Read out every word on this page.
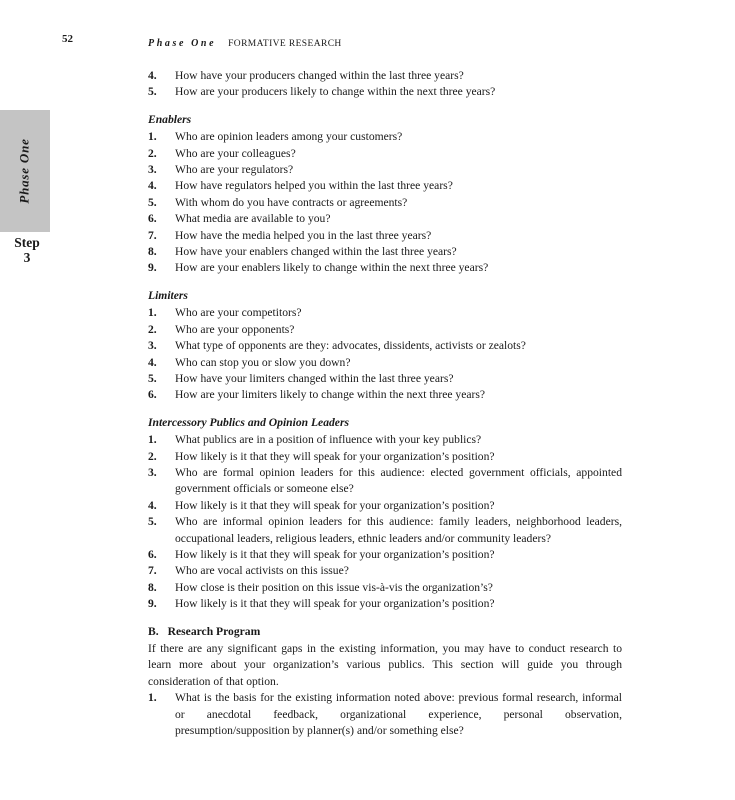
52	Phase One FORMATIVE RESEARCH
Phase One
Step
3
4. How have your producers changed within the last three years?
5. How are your producers likely to change within the next three years?
Enablers
1. Who are opinion leaders among your customers?
2. Who are your colleagues?
3. Who are your regulators?
4. How have regulators helped you within the last three years?
5. With whom do you have contracts or agreements?
6. What media are available to you?
7. How have the media helped you in the last three years?
8. How have your enablers changed within the last three years?
9. How are your enablers likely to change within the next three years?
Limiters
1. Who are your competitors?
2. Who are your opponents?
3. What type of opponents are they: advocates, dissidents, activists or zealots?
4. Who can stop you or slow you down?
5. How have your limiters changed within the last three years?
6. How are your limiters likely to change within the next three years?
Intercessory Publics and Opinion Leaders
1. What publics are in a position of influence with your key publics?
2. How likely is it that they will speak for your organization’s position?
3. Who are formal opinion leaders for this audience: elected government officials, appointed government officials or someone else?
4. How likely is it that they will speak for your organization’s position?
5. Who are informal opinion leaders for this audience: family leaders, neighborhood leaders, occupational leaders, religious leaders, ethnic leaders and/or community leaders?
6. How likely is it that they will speak for your organization’s position?
7. Who are vocal activists on this issue?
8. How close is their position on this issue vis-à-vis the organization’s?
9. How likely is it that they will speak for your organization’s position?
B. Research Program
If there are any significant gaps in the existing information, you may have to conduct research to learn more about your organization’s various publics. This section will guide you through consideration of that option.
1. What is the basis for the existing information noted above: previous formal research, informal or anecdotal feedback, organizational experience, personal observation, presumption/supposition by planner(s) and/or something else?
